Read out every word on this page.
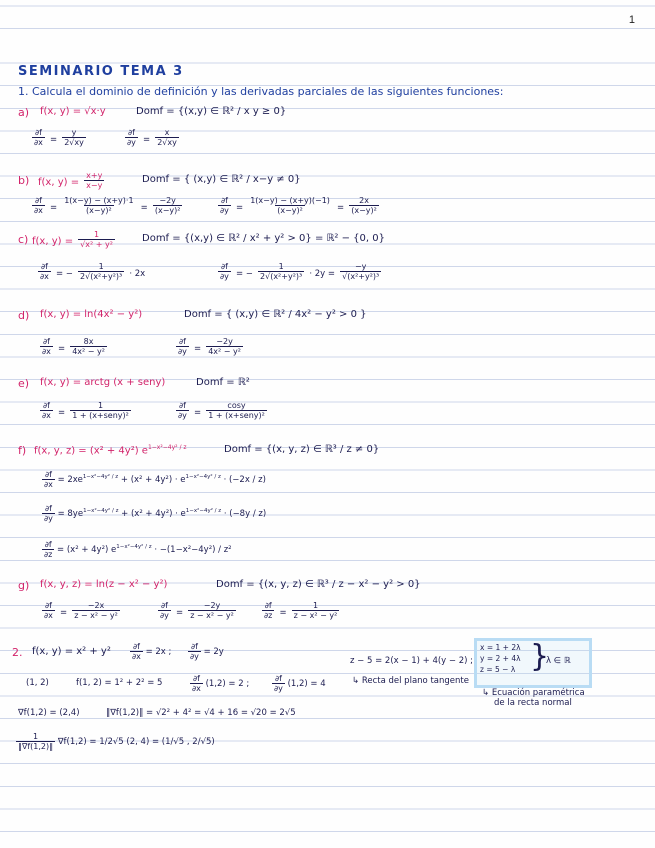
1
SEMINARIO TEMA 3
1. Calcula el dominio de definición y las derivadas parciales de las siguientes funciones:
a) f(x, y) = √x·y	Domf = {(x,y) ∈ ℝ² / x y ≥ 0}
$\frac{\partial f}{\partial x} = \frac{y}{2√xy}$	$\frac{\partial f}{\partial y} = \frac{x}{2√xy}$
b) f(x, $y) = \frac{x+y}{x-y}$	Domf = { (x,y) ∈ ℝ² / x−y ≠ 0}
$\frac{\partial f}{\partial x} = \frac{1(x-y) - (x+y)\cdot 1}{\text{(x−y)²}} = \frac{-2y}{\text{(x−y)²}}$	$\frac{\partial f}{\partial y} = \frac{1(x-y) - (x+y)(-1)}{\text{(x−y)²}} = \frac{2x}{\text{(x−y)²}}$
c) f(x, $y) = \frac{1}{\text{√x² + y²}}$	Domf = {(x,y) ∈ ℝ² / x² + y² > 0} = ℝ² − {0, 0}
$\frac{\partial f}{\partial x}$ = − $\frac{1}{\text{2√(x²+y²)³}} \cdot 2x$	$\frac{\partial f}{\partial y}$ = − $\frac{1}{\text{2√(x²+y²)³}} \cdot 2y = \frac{-y}{\text{√(x²+y²)³}}$
d) f(x, y) = ln(4x² − y²)	Domf = { (x,y) ∈ ℝ² / 4x² − y² > 0 }
$\frac{\partial f}{\partial x} = \frac{8x}{\text{4x² − y²}}$	$\frac{\partial f}{\partial y} = \frac{-2y}{\text{4x² − y²}}$
e) f(x, y) = arctg (x + seny)	Domf = ℝ²
$\frac{\partial f}{\partial x} = \frac{1}{\text{1 + (x+seny)²}}$	$\frac{\partial f}{\partial y} = \frac{\cos y}{\text{1 + (x+seny)²}}$
f) f(x, y, z) = (x² + 4y²) $e^{1-x^2-4y^2 / z}$	Domf = {(x, y, z) ∈ ℝ³ / z ≠ 0}
$\frac{\partial f}{\partial x} = 2xe^{1-x^2-4y^2 / z} + (x^2 + 4y^2) \cdot e^{1-x^2-4y^2 / z} \cdot (-2x / z)$
$\frac{\partial f}{\partial y} = 8ye^{1-x^2-4y^2 / z} + (x^2 + 4y^2) \cdot e^{1-x^2-4y^2 / z} \cdot (-8y / z)$
$\frac{\partial f}{\partial z} = (x^2 + 4y^2) e^{1-x^2-4y^2 / z} \cdot -(1-x^2-4y^2) / z^2$
g) f(x, y, z) = ln(z − x² − y²)	Domf = {(x, y, z) ∈ ℝ³ / z − x² − y² > 0}
$\frac{\partial f}{\partial x} = \frac{-2x}{\text{z − x² − y²}}$	$\frac{\partial f}{\partial y} = \frac{-2y}{\text{z − x² − y²}}$	$\frac{\partial f}{\partial z} = \frac{1}{\text{z − x² − y²}}$
2. f(x, $y) = x^2 + y^2 \frac{\partial f}{\partial x} = 2x$ ; $\frac{\partial f}{\partial y} = 2y$
z − 5 = 2(x − 1) + 4(y − 2) ;
↳ Recta del plano tangente
x = 1 + 2λ
y = 2 + 4λ
z = 5 − λ }
λ ∈ ℝ
↳ Ecuación paramétrica
de la recta normal
(1, 2)	f(1, 2) = 1² + 2² = 5	$\frac{\partial f}{\partial x} (1,2) = 2$ ;	$\frac{\partial f}{\partial y} (1,2) = 4$
∇f(1,2) = (2,4)	‖∇f(1,2)‖ = √2² + 4² = √4 + 16 = √20 = 2√5
$\frac{1}{‖\nabla f(1,2)‖} \nabla f(1,2) = 1/2√5$ (2, 4) = (1/√5 , 2/√5)
